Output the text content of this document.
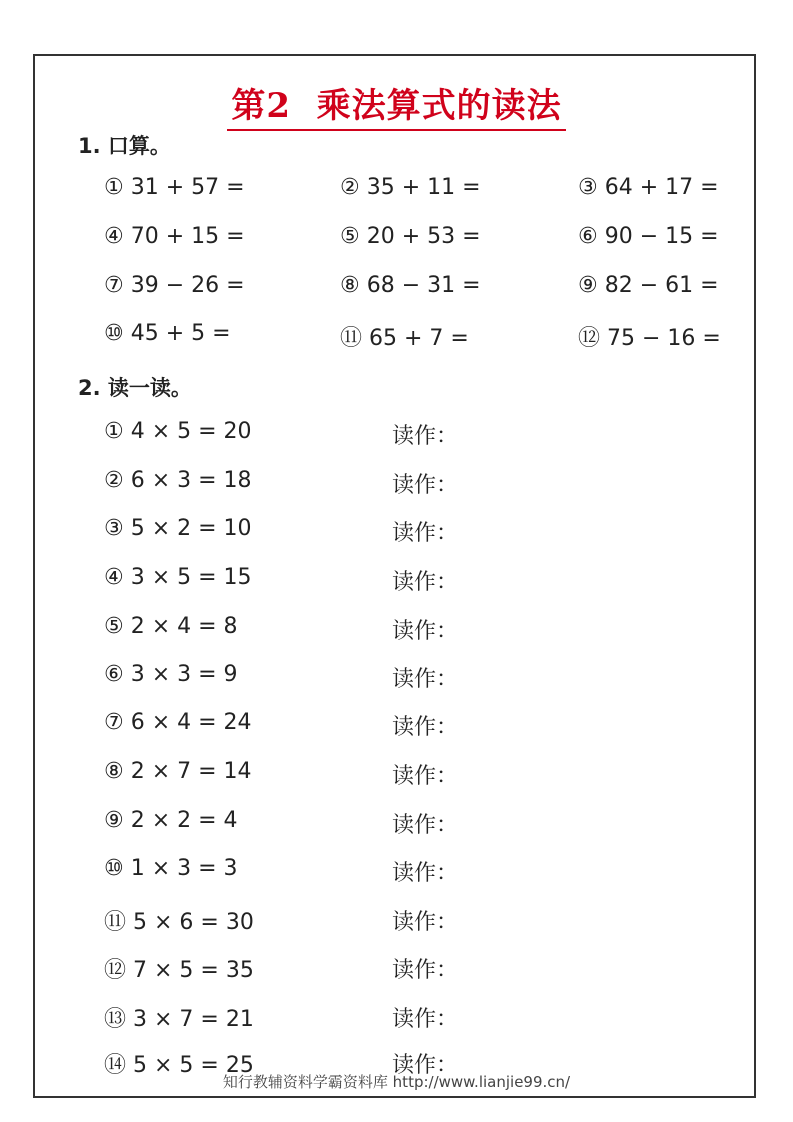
第2  乘法算式的读法
1. 口算。
① 31 + 57 =	② 35 + 11 =	③ 64 + 17 =
④ 70 + 15 =	⑤ 20 + 53 =	⑥ 90 − 15 =
⑦ 39 − 26 =	⑧ 68 − 31 =	⑨ 82 − 61 =
⑩ 45 + 5 =	⑪ 65 + 7 =	⑫ 75 − 16 =
2. 读一读。
① 4 × 5 = 20	读作：
② 6 × 3 = 18	读作：
③ 5 × 2 = 10	读作：
④ 3 × 5 = 15	读作：
⑤ 2 × 4 = 8	读作：
⑥ 3 × 3 = 9	读作：
⑦ 6 × 4 = 24	读作：
⑧ 2 × 7 = 14	读作：
⑨ 2 × 2 = 4	读作：
⑩ 1 × 3 = 3	读作：
⑪ 5 × 6 = 30	读作：
⑫ 7 × 5 = 35	读作：
⑬ 3 × 7 = 21	读作：
⑭ 5 × 5 = 25	读作：
知行教辅资料学霸资料库 http://www.lianjie99.cn/
